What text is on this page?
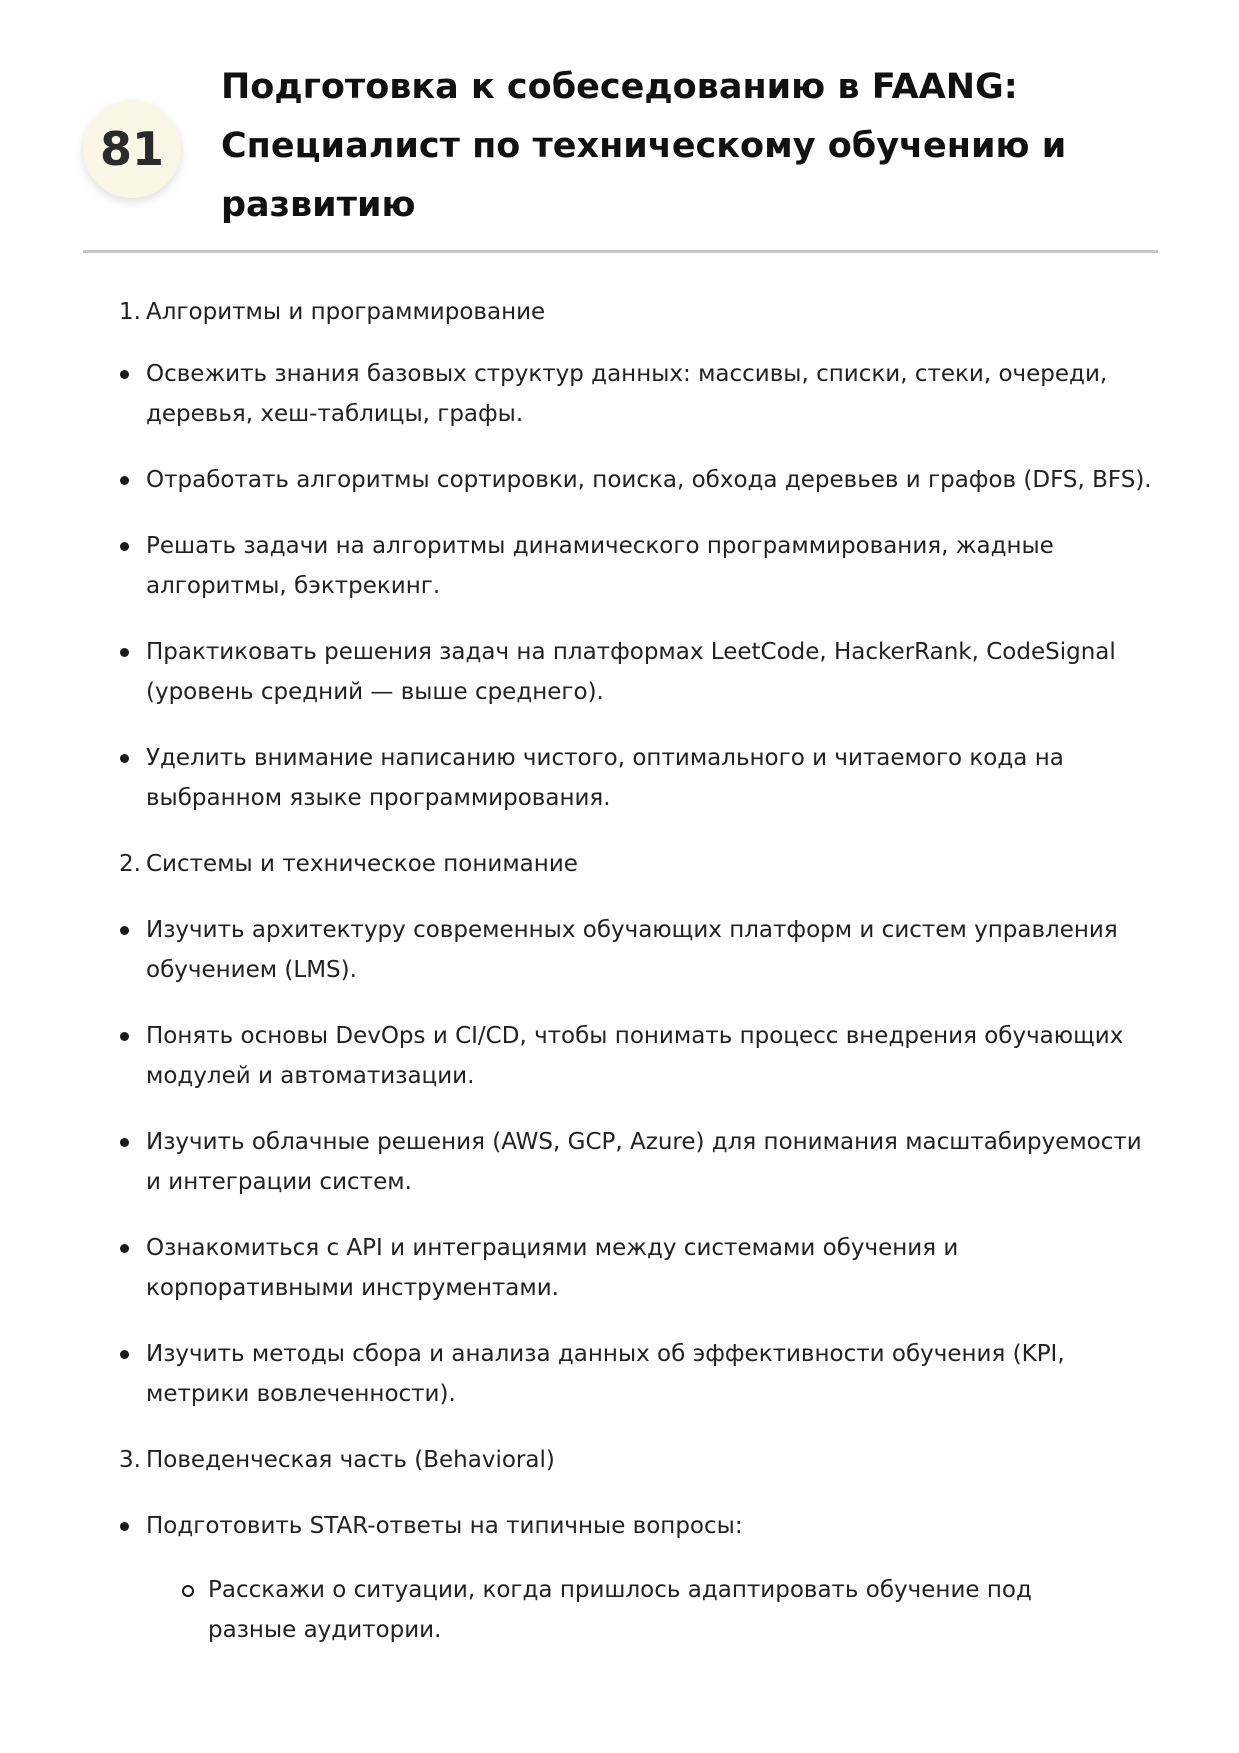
81
Подготовка к собеседованию в FAANG: Специалист по техническому обучению и развитию
1. Алгоритмы и программирование
Освежить знания базовых структур данных: массивы, списки, стеки, очереди, деревья, хеш-таблицы, графы.
Отработать алгоритмы сортировки, поиска, обхода деревьев и графов (DFS, BFS).
Решать задачи на алгоритмы динамического программирования, жадные алгоритмы, бэктрекинг.
Практиковать решения задач на платформах LeetCode, HackerRank, CodeSignal (уровень средний — выше среднего).
Уделить внимание написанию чистого, оптимального и читаемого кода на выбранном языке программирования.
2. Системы и техническое понимание
Изучить архитектуру современных обучающих платформ и систем управления обучением (LMS).
Понять основы DevOps и CI/CD, чтобы понимать процесс внедрения обучающих модулей и автоматизации.
Изучить облачные решения (AWS, GCP, Azure) для понимания масштабируемости и интеграции систем.
Ознакомиться с API и интеграциями между системами обучения и корпоративными инструментами.
Изучить методы сбора и анализа данных об эффективности обучения (KPI, метрики вовлеченности).
3. Поведенческая часть (Behavioral)
Подготовить STAR-ответы на типичные вопросы:
Расскажи о ситуации, когда пришлось адаптировать обучение под разные аудитории.
